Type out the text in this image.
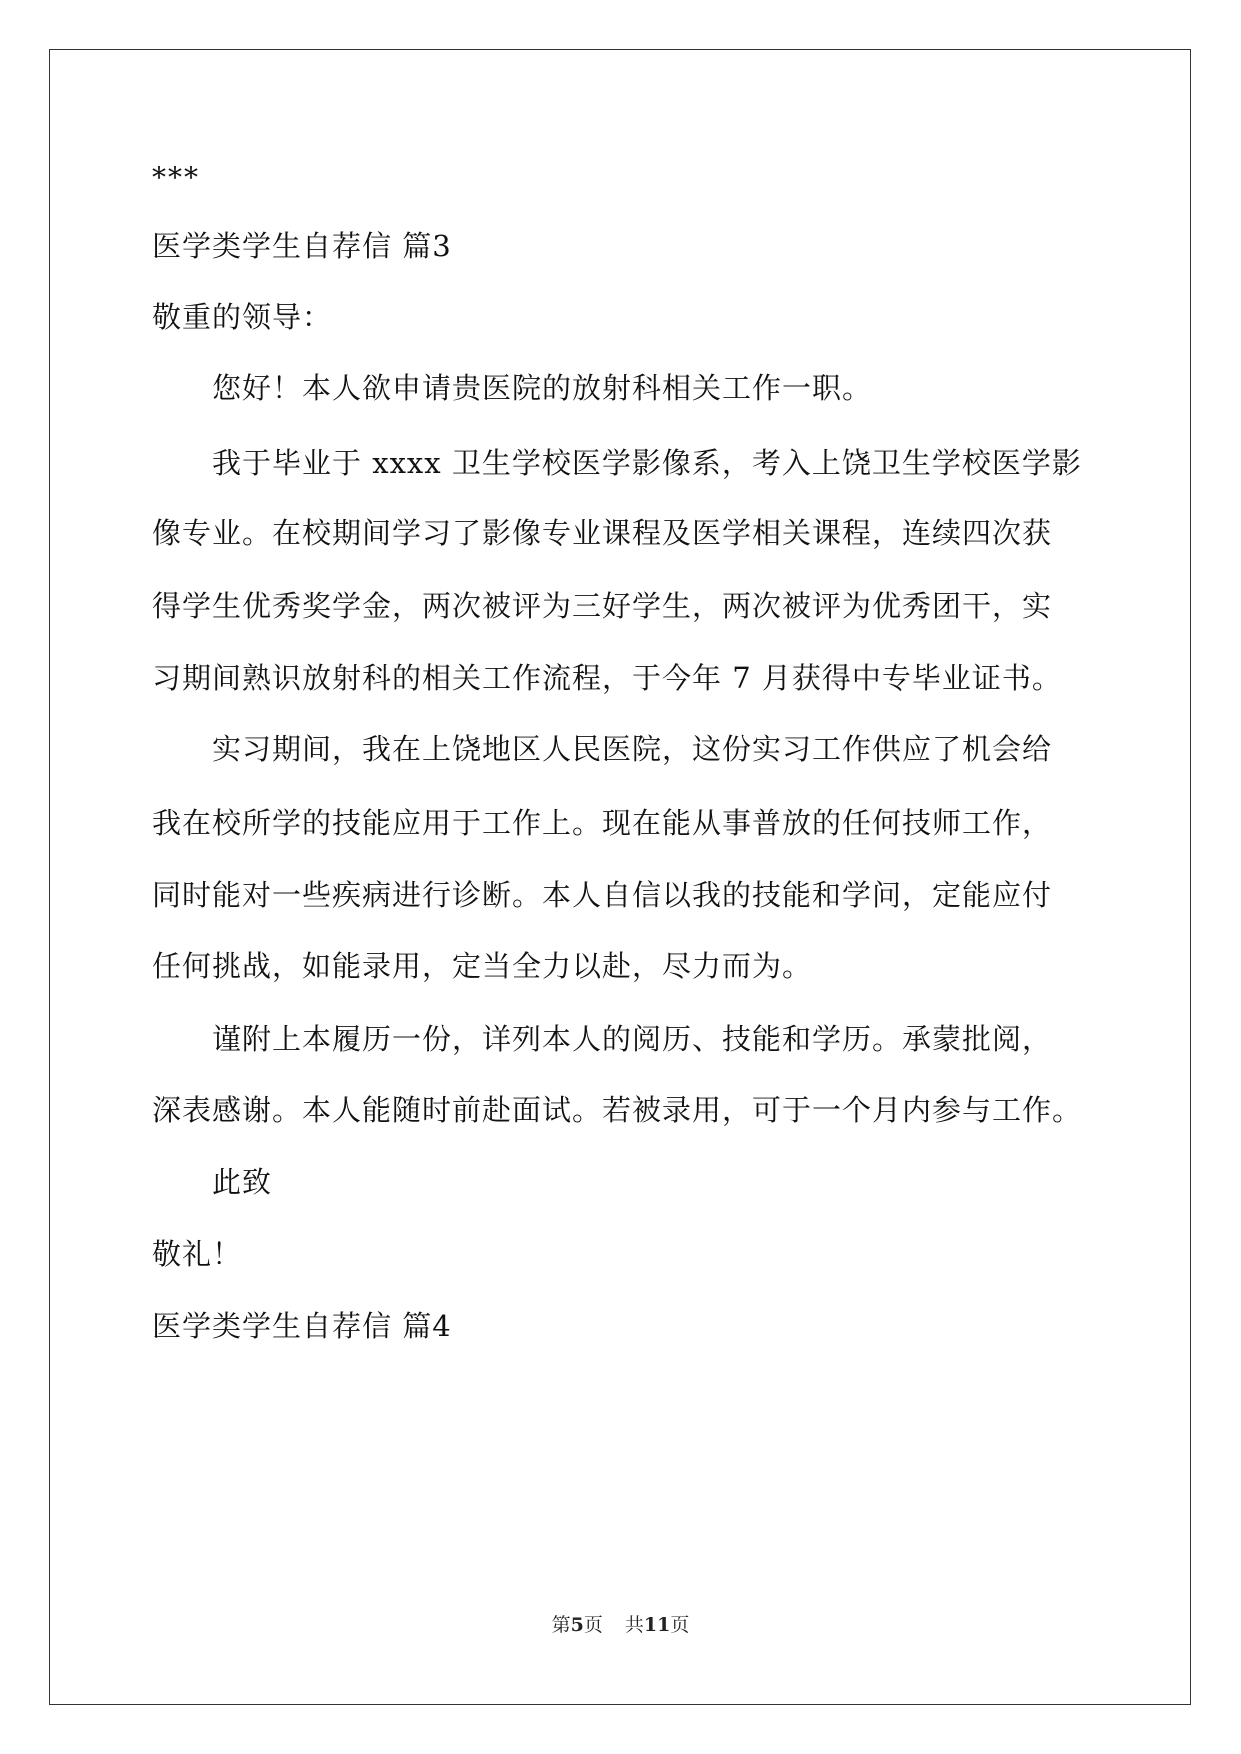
***
医学类学生自荐信 篇3
敬重的领导：
您好！本人欲申请贵医院的放射科相关工作一职。
我于毕业于 xxxx 卫生学校医学影像系，考入上饶卫生学校医学影
像专业。在校期间学习了影像专业课程及医学相关课程，连续四次获
得学生优秀奖学金，两次被评为三好学生，两次被评为优秀团干，实
习期间熟识放射科的相关工作流程，于今年 7 月获得中专毕业证书。
实习期间，我在上饶地区人民医院，这份实习工作供应了机会给
我在校所学的技能应用于工作上。现在能从事普放的任何技师工作，
同时能对一些疾病进行诊断。本人自信以我的技能和学问，定能应付
任何挑战，如能录用，定当全力以赴，尽力而为。
谨附上本履历一份，详列本人的阅历、技能和学历。承蒙批阅，
深表感谢。本人能随时前赴面试。若被录用，可于一个月内参与工作。
此致
敬礼！
医学类学生自荐信 篇4
第5页 共11页
